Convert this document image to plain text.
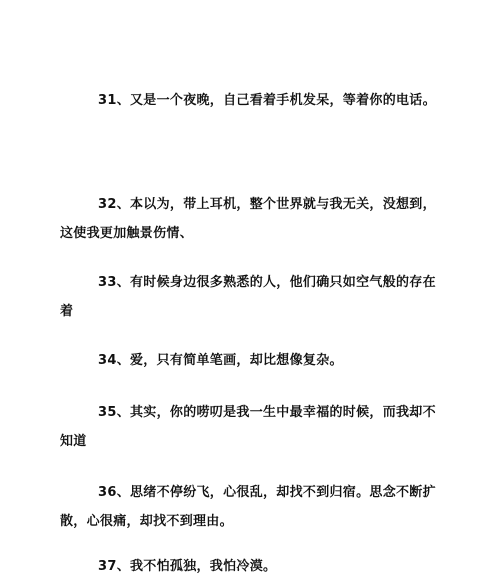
31、又是一个夜晚，自己看着手机发呆，等着你的电话。

32、本以为，带上耳机，整个世界就与我无关，没想到，这使我更加触景伤情、

33、有时候身边很多熟悉的人，他们确只如空气般的存在着

34、爱，只有简单笔画，却比想像复杂。

35、其实，你的唠叨是我一生中最幸福的时候，而我却不知道

36、思绪不停纷飞，心很乱，却找不到归宿。思念不断扩散，心很痛，却找不到理由。

37、我不怕孤独，我怕冷漠。
